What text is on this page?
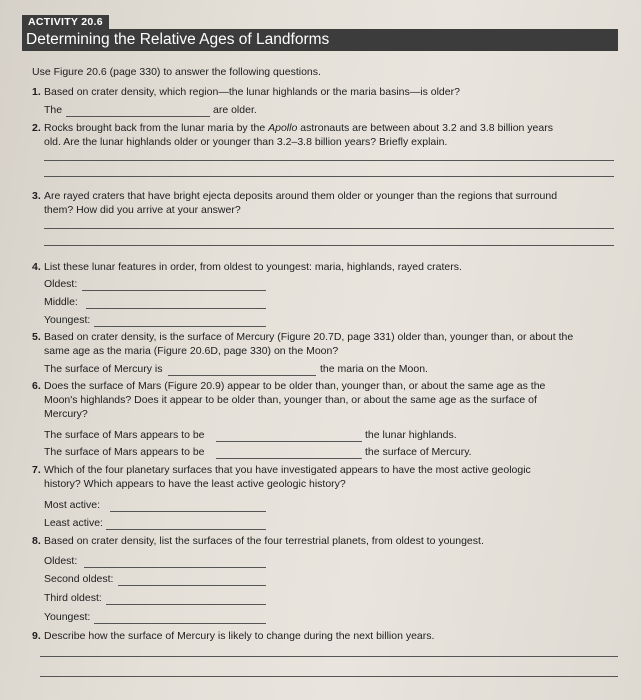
ACTIVITY 20.6
Determining the Relative Ages of Landforms
Use Figure 20.6 (page 330) to answer the following questions.
1. Based on crater density, which region—the lunar highlands or the maria basins—is older?
The	are older.
2. Rocks brought back from the lunar maria by the Apollo astronauts are between about 3.2 and 3.8 billion years
old. Are the lunar highlands older or younger than 3.2–3.8 billion years? Briefly explain.
3. Are rayed craters that have bright ejecta deposits around them older or younger than the regions that surround
them? How did you arrive at your answer?
4. List these lunar features in order, from oldest to youngest: maria, highlands, rayed craters.
Oldest:
Middle:
Youngest:
5. Based on crater density, is the surface of Mercury (Figure 20.7D, page 331) older than, younger than, or about the
same age as the maria (Figure 20.6D, page 330) on the Moon?
The surface of Mercury is	the maria on the Moon.
6. Does the surface of Mars (Figure 20.9) appear to be older than, younger than, or about the same age as the
Moon's highlands? Does it appear to be older than, younger than, or about the same age as the surface of
Mercury?
The surface of Mars appears to be	the lunar highlands.
The surface of Mars appears to be	the surface of Mercury.
7. Which of the four planetary surfaces that you have investigated appears to have the most active geologic
history? Which appears to have the least active geologic history?
Most active:
Least active:
8. Based on crater density, list the surfaces of the four terrestrial planets, from oldest to youngest.
Oldest:
Second oldest:
Third oldest:
Youngest:
9. Describe how the surface of Mercury is likely to change during the next billion years.
